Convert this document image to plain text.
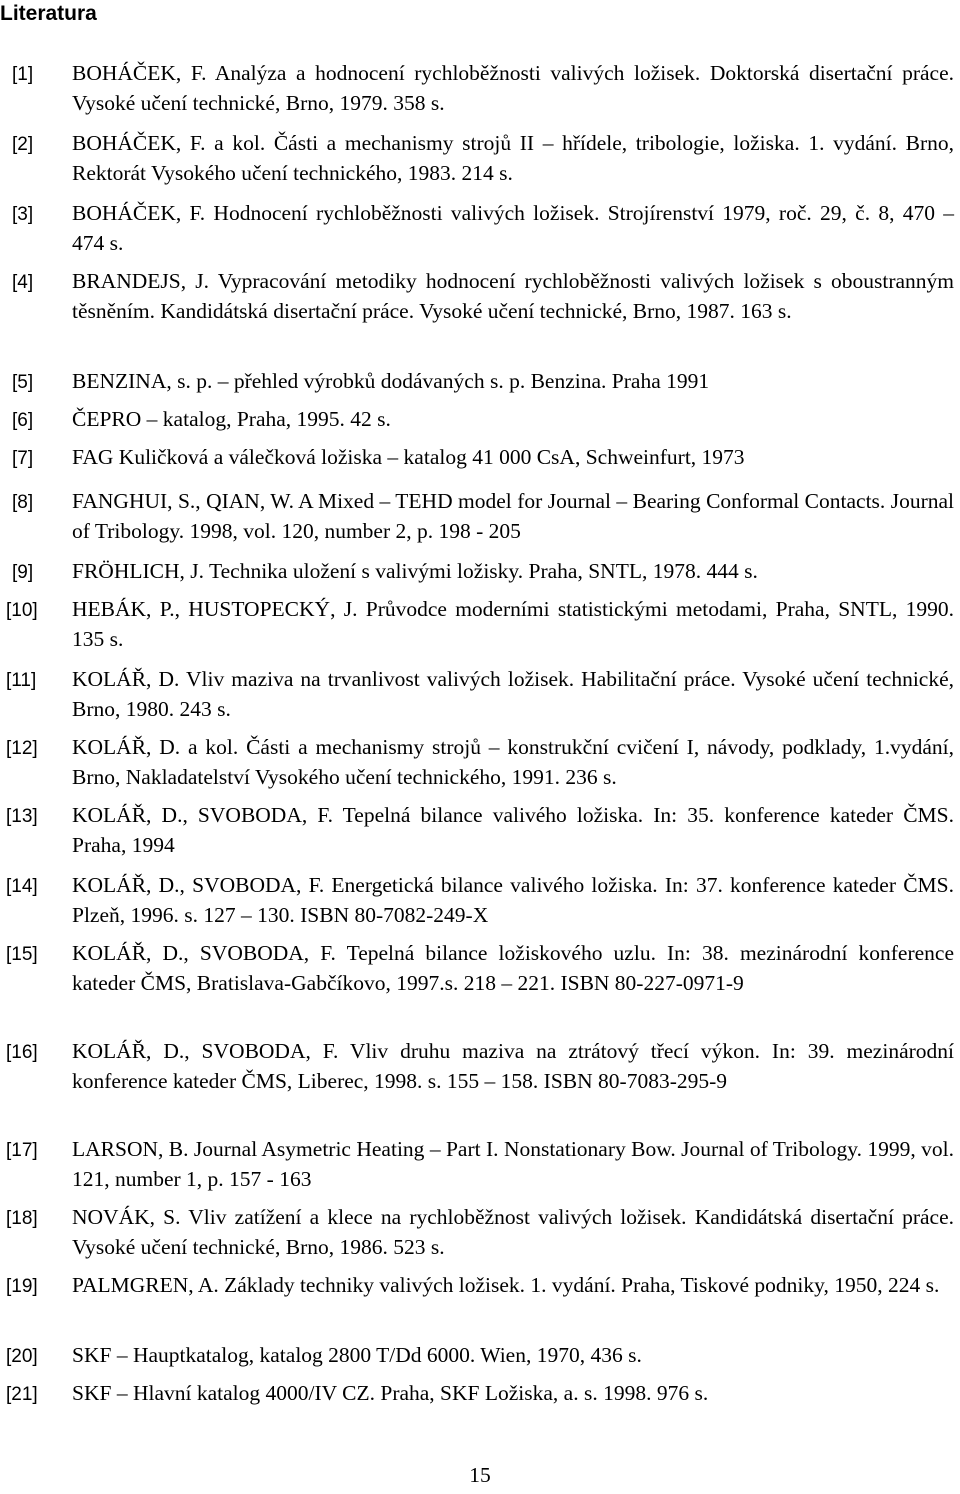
Literatura
[1]	BOHÁČEK, F. Analýza a hodnocení rychloběžnosti valivých ložisek. Doktorská disertační práce. Vysoké učení technické, Brno, 1979. 358 s.
[2]	BOHÁČEK, F. a kol. Části a mechanismy strojů II – hřídele, tribologie, ložiska. 1. vydání. Brno, Rektorát Vysokého učení technického, 1983. 214 s.
[3]	BOHÁČEK, F. Hodnocení rychloběžnosti valivých ložisek. Strojírenství 1979, roč. 29, č. 8, 470 – 474 s.
[4]	BRANDEJS, J. Vypracování metodiky hodnocení rychloběžnosti valivých ložisek s oboustranným těsněním. Kandidátská disertační práce. Vysoké učení technické, Brno, 1987. 163 s.
[5]	BENZINA, s. p. – přehled výrobků dodávaných s. p. Benzina. Praha 1991
[6]	ČEPRO – katalog, Praha, 1995. 42 s.
[7]	FAG Kuličková a válečková ložiska – katalog 41 000 CsA, Schweinfurt, 1973
[8]	FANGHUI, S., QIAN, W. A Mixed – TEHD model for Journal – Bearing Conformal Contacts. Journal of Tribology. 1998, vol. 120, number 2, p. 198 - 205
[9]	FRÖHLICH, J. Technika uložení s valivými ložisky. Praha, SNTL, 1978. 444 s.
[10]	HEBÁK, P., HUSTOPECKÝ, J. Průvodce moderními statistickými metodami, Praha, SNTL, 1990. 135 s.
[11]	KOLÁŘ, D. Vliv maziva na trvanlivost valivých ložisek. Habilitační práce. Vysoké učení technické, Brno, 1980. 243 s.
[12]	KOLÁŘ, D. a kol. Části a mechanismy strojů – konstrukční cvičení I, návody, podklady, 1.vydání, Brno, Nakladatelství Vysokého učení technického, 1991. 236 s.
[13]	KOLÁŘ, D., SVOBODA, F. Tepelná bilance valivého ložiska. In: 35. konference kateder ČMS. Praha, 1994
[14]	KOLÁŘ, D., SVOBODA, F. Energetická bilance valivého ložiska. In: 37. konference kateder ČMS. Plzeň, 1996. s. 127 – 130. ISBN 80-7082-249-X
[15]	KOLÁŘ, D., SVOBODA, F. Tepelná bilance ložiskového uzlu. In: 38. mezinárodní konference kateder ČMS, Bratislava-Gabčíkovo, 1997.s. 218 – 221. ISBN 80-227-0971-9
[16]	KOLÁŘ, D., SVOBODA, F. Vliv druhu maziva na ztrátový třecí výkon. In: 39. mezinárodní konference kateder ČMS, Liberec, 1998. s. 155 – 158. ISBN 80-7083-295-9
[17]	LARSON, B. Journal Asymetric Heating – Part I. Nonstationary Bow. Journal of Tribology. 1999, vol. 121, number 1, p. 157 - 163
[18]	NOVÁK, S. Vliv zatížení a klece na rychloběžnost valivých ložisek. Kandidátská disertační práce. Vysoké učení technické, Brno, 1986. 523 s.
[19]	PALMGREN, A. Základy techniky valivých ložisek. 1. vydání. Praha, Tiskové podniky, 1950, 224 s.
[20]	SKF – Hauptkatalog, katalog 2800 T/Dd 6000. Wien, 1970, 436 s.
[21]	SKF – Hlavní katalog 4000/IV CZ. Praha, SKF Ložiska, a. s. 1998. 976 s.
15
